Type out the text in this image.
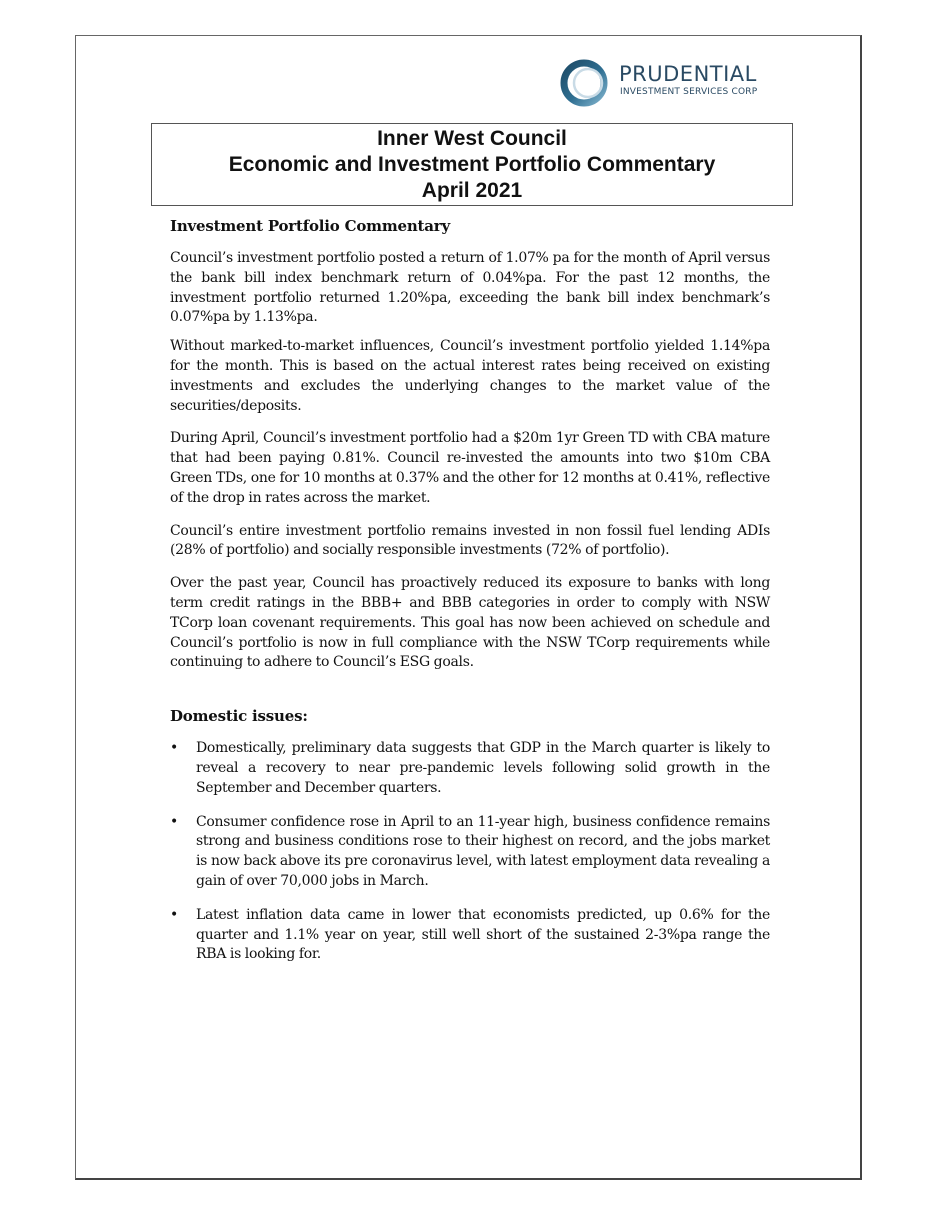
PRUDENTIAL
INVESTMENT SERVICES CORP
Inner West Council
Economic and Investment Portfolio Commentary
April 2021
Investment Portfolio Commentary

Council’s investment portfolio posted a return of 1.07% pa for the month of April versus the bank bill index benchmark return of 0.04%pa. For the past 12 months, the investment portfolio returned 1.20%pa, exceeding the bank bill index benchmark’s 0.07%pa by 1.13%pa.

Without marked-to-market influences, Council’s investment portfolio yielded 1.14%pa for the month. This is based on the actual interest rates being received on existing investments and excludes the underlying changes to the market value of the securities/deposits.

During April, Council’s investment portfolio had a $20m 1yr Green TD with CBA mature that had been paying 0.81%. Council re-invested the amounts into two $10m CBA Green TDs, one for 10 months at 0.37% and the other for 12 months at 0.41%, reflective of the drop in rates across the market.

Council’s entire investment portfolio remains invested in non fossil fuel lending ADIs (28% of portfolio) and socially responsible investments (72% of portfolio).

Over the past year, Council has proactively reduced its exposure to banks with long term credit ratings in the BBB+ and BBB categories in order to comply with NSW TCorp loan covenant requirements. This goal has now been achieved on schedule and Council’s portfolio is now in full compliance with the NSW TCorp requirements while continuing to adhere to Council’s ESG goals.

Domestic issues:
• Domestically, preliminary data suggests that GDP in the March quarter is likely to reveal a recovery to near pre-pandemic levels following solid growth in the September and December quarters.
• Consumer confidence rose in April to an 11-year high, business confidence remains strong and business conditions rose to their highest on record, and the jobs market is now back above its pre coronavirus level, with latest employment data revealing a gain of over 70,000 jobs in March.
• Latest inflation data came in lower that economists predicted, up 0.6% for the quarter and 1.1% year on year, still well short of the sustained 2-3%pa range the RBA is looking for.
